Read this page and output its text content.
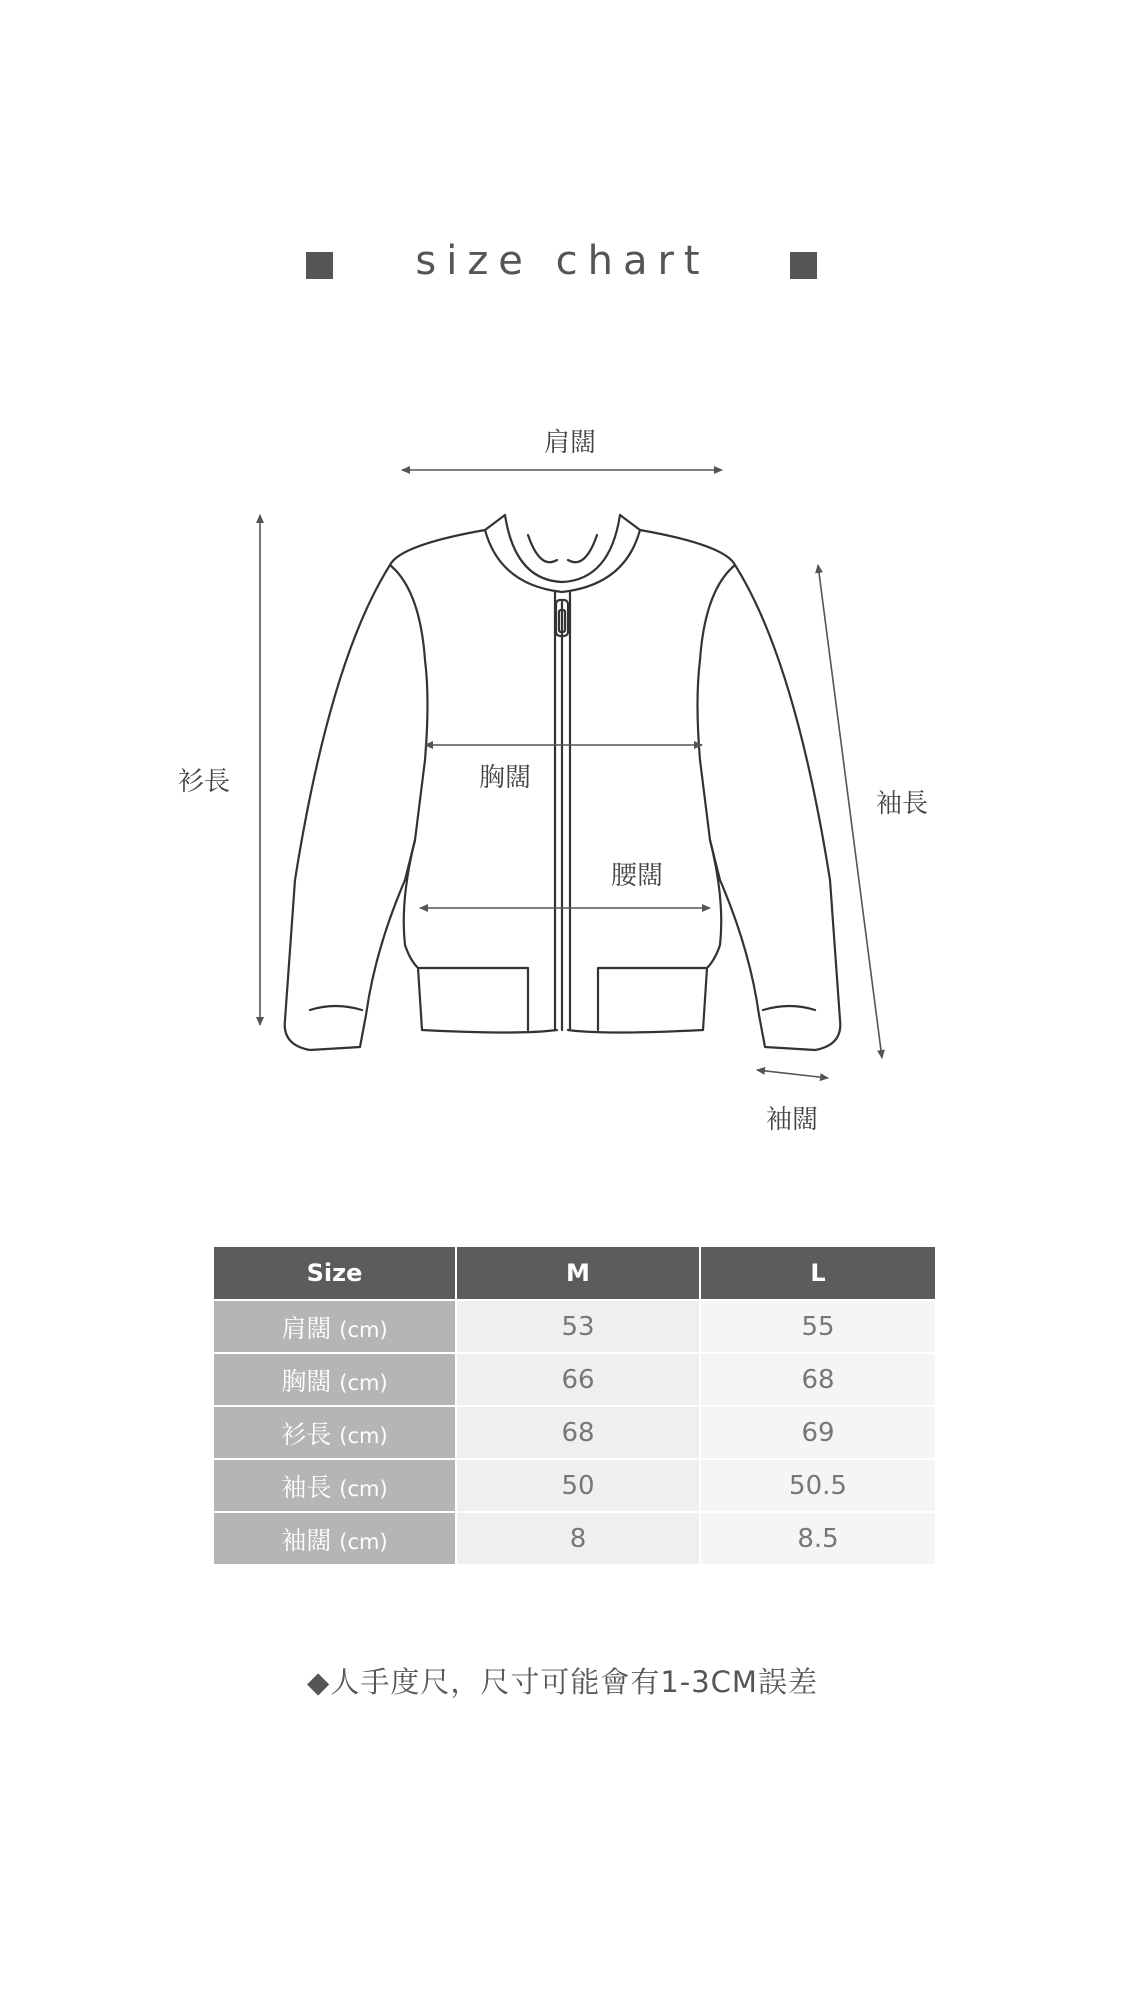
size chart
肩闊
衫長
袖長
胸闊
腰闊
袖闊
Size	M	L
肩闊 (cm)	53	55
胸闊 (cm)	66	68
衫長 (cm)	68	69
袖長 (cm)	50	50.5
袖闊 (cm)	8	8.5
◆人手度尺，尺寸可能會有1-3CM誤差
